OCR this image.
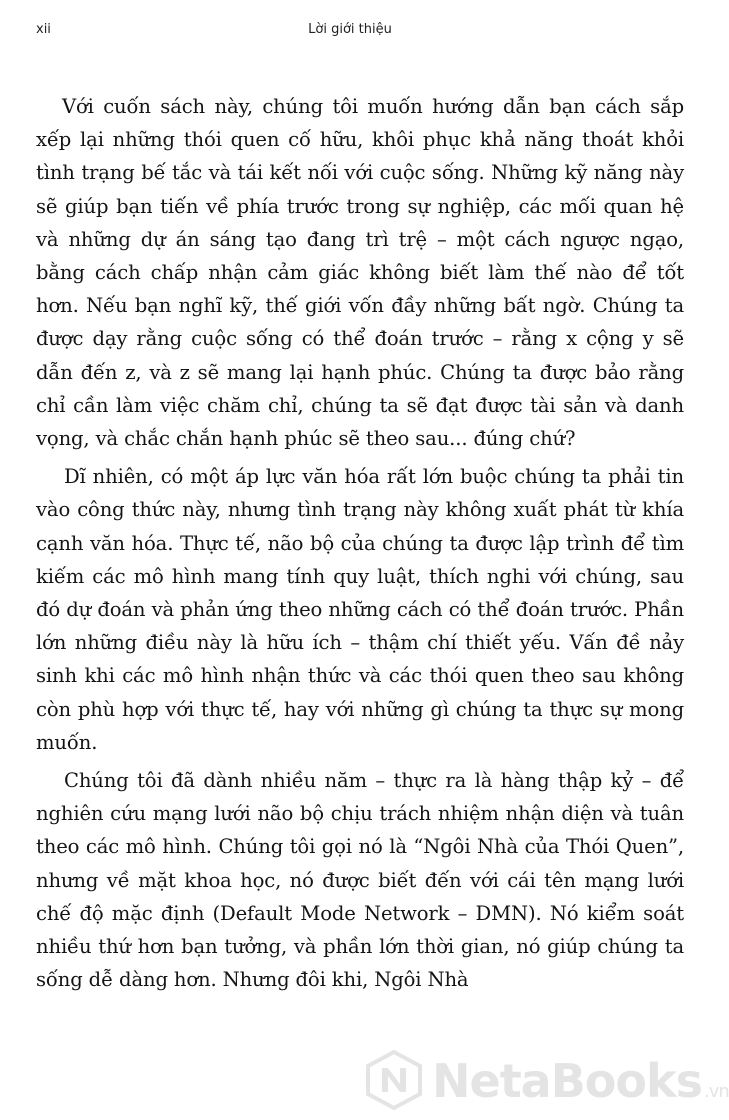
xii	Lời giới thiệu

Với cuốn sách này, chúng tôi muốn hướng dẫn bạn cách sắp xếp lại những thói quen cố hữu, khôi phục khả năng thoát khỏi tình trạng bế tắc và tái kết nối với cuộc sống. Những kỹ năng này sẽ giúp bạn tiến về phía trước trong sự nghiệp, các mối quan hệ và những dự án sáng tạo đang trì trệ – một cách ngược ngạo, bằng cách chấp nhận cảm giác không biết làm thế nào để tốt hơn. Nếu bạn nghĩ kỹ, thế giới vốn đầy những bất ngờ. Chúng ta được dạy rằng cuộc sống có thể đoán trước – rằng x cộng y sẽ dẫn đến z, và z sẽ mang lại hạnh phúc. Chúng ta được bảo rằng chỉ cần làm việc chăm chỉ, chúng ta sẽ đạt được tài sản và danh vọng, và chắc chắn hạnh phúc sẽ theo sau... đúng chứ?

Dĩ nhiên, có một áp lực văn hóa rất lớn buộc chúng ta phải tin vào công thức này, nhưng tình trạng này không xuất phát từ khía cạnh văn hóa. Thực tế, não bộ của chúng ta được lập trình để tìm kiếm các mô hình mang tính quy luật, thích nghi với chúng, sau đó dự đoán và phản ứng theo những cách có thể đoán trước. Phần lớn những điều này là hữu ích – thậm chí thiết yếu. Vấn đề nảy sinh khi các mô hình nhận thức và các thói quen theo sau không còn phù hợp với thực tế, hay với những gì chúng ta thực sự mong muốn.

Chúng tôi đã dành nhiều năm – thực ra là hàng thập kỷ – để nghiên cứu mạng lưới não bộ chịu trách nhiệm nhận diện và tuân theo các mô hình. Chúng tôi gọi nó là “Ngôi Nhà của Thói Quen”, nhưng về mặt khoa học, nó được biết đến với cái tên mạng lưới chế độ mặc định (Default Mode Network – DMN). Nó kiểm soát nhiều thứ hơn bạn tưởng, và phần lớn thời gian, nó giúp chúng ta sống dễ dàng hơn. Nhưng đôi khi, Ngôi Nhà

NetaBooks .vn
